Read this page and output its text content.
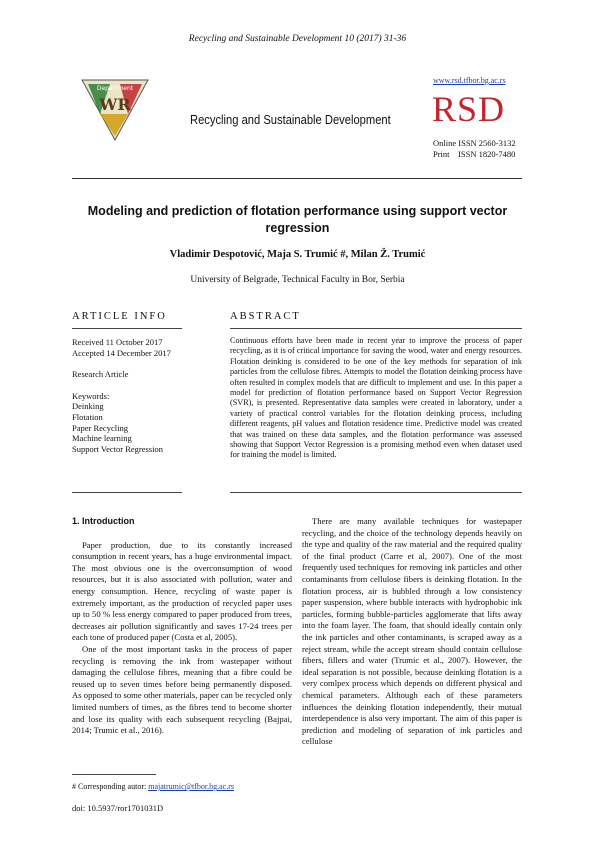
Recycling and Sustainable Development 10 (2017) 31-36
WR
Department
Recycling and Sustainable Development
www.rsd.tfbor.bg.ac.rs
RSD
Online ISSN 2560-3132
Print    ISSN 1820-7480
Modeling and prediction of flotation performance using support vector regression
Vladimir Despotović, Maja S. Trumić #, Milan Ž. Trumić
University of Belgrade, Technical Faculty in Bor, Serbia
ARTICLE INFO	ABSTRACT

Received 11 October 2017

Accepted 14 December 2017

Research Article

Keywords:

Deinking

Flotation

Paper Recycling

Machine learning

Support Vector Regression

Continuous efforts have been made in recent year to improve the process of paper recycling, as it is of critical importance for saving the wood, water and energy resources. Flotation deinking is considered to be one of the key methods for separation of ink particles from the cellulose fibres. Attempts to model the flotation deinking process have often resulted in complex models that are difficult to implement and use. In this paper a model for prediction of flotation performance based on Support Vector Regression (SVR), is presented. Representative data samples were created in laboratory, under a variety of practical control variables for the flotation deinking process, including different reagents, pH values and flotation residence time. Predictive model was created that was trained on these data samples, and the flotation performance was assessed showing that Support Vector Regression is a promising method even when dataset used for training the model is limited.
1. Introduction

Paper production, due to its constantly increased consumption in recent years, has a huge environmental impact. The most obvious one is the overconsumption of wood resources, but it is also associated with pollution, water and energy consumption. Hence, recycling of waste paper is extremely important, as the production of recycled paper uses up to 50 % less energy compared to paper produced from trees, decreases air pollution significantly and saves 17-24 trees per each tone of produced paper (Costa et al, 2005).

One of the most important tasks in the process of paper recycling is removing the ink from wastepaper without damaging the cellulose fibres, meaning that a fibre could be reused up to seven times before being permanently disposed. As opposed to some other materials, paper can be recycled only limited numbers of times, as the fibres tend to become shorter and lose its quality with each subsequent recycling (Bajpai, 2014; Trumic et al., 2016).

There are many available techniques for wastepaper recycling, and the choice of the technology depends heavily on the type and quality of the raw material and the required quality of the final product (Carre et al, 2007). One of the most frequently used techniques for removing ink particles and other contaminants from cellulose fibers is deinking flotation. In the flotation process, air is bubbled through a low consistency paper suspension, where bubble interacts with hydrophobic ink particles, forming bubble-particles agglomerate that lifts away into the foam layer. The foam, that should ideally contain only the ink particles and other contaminants, is scraped away as a reject stream, while the accept stream should contain cellulose fibers, fillers and water (Trumic et al., 2007). However, the ideal separation is not possible, because deinking flotation is a very comlpex process which depends on different physical and chemical parameters. Although each of these parameters influences the deinking flotation independently, their mutual interdependence is also very important. The aim of this paper is prediction and modeling of separation of ink particles and cellulose

# Corresponding autor: majatrumic@tfbor.bg.ac.rs
doi: 10.5937/ror1701031D
